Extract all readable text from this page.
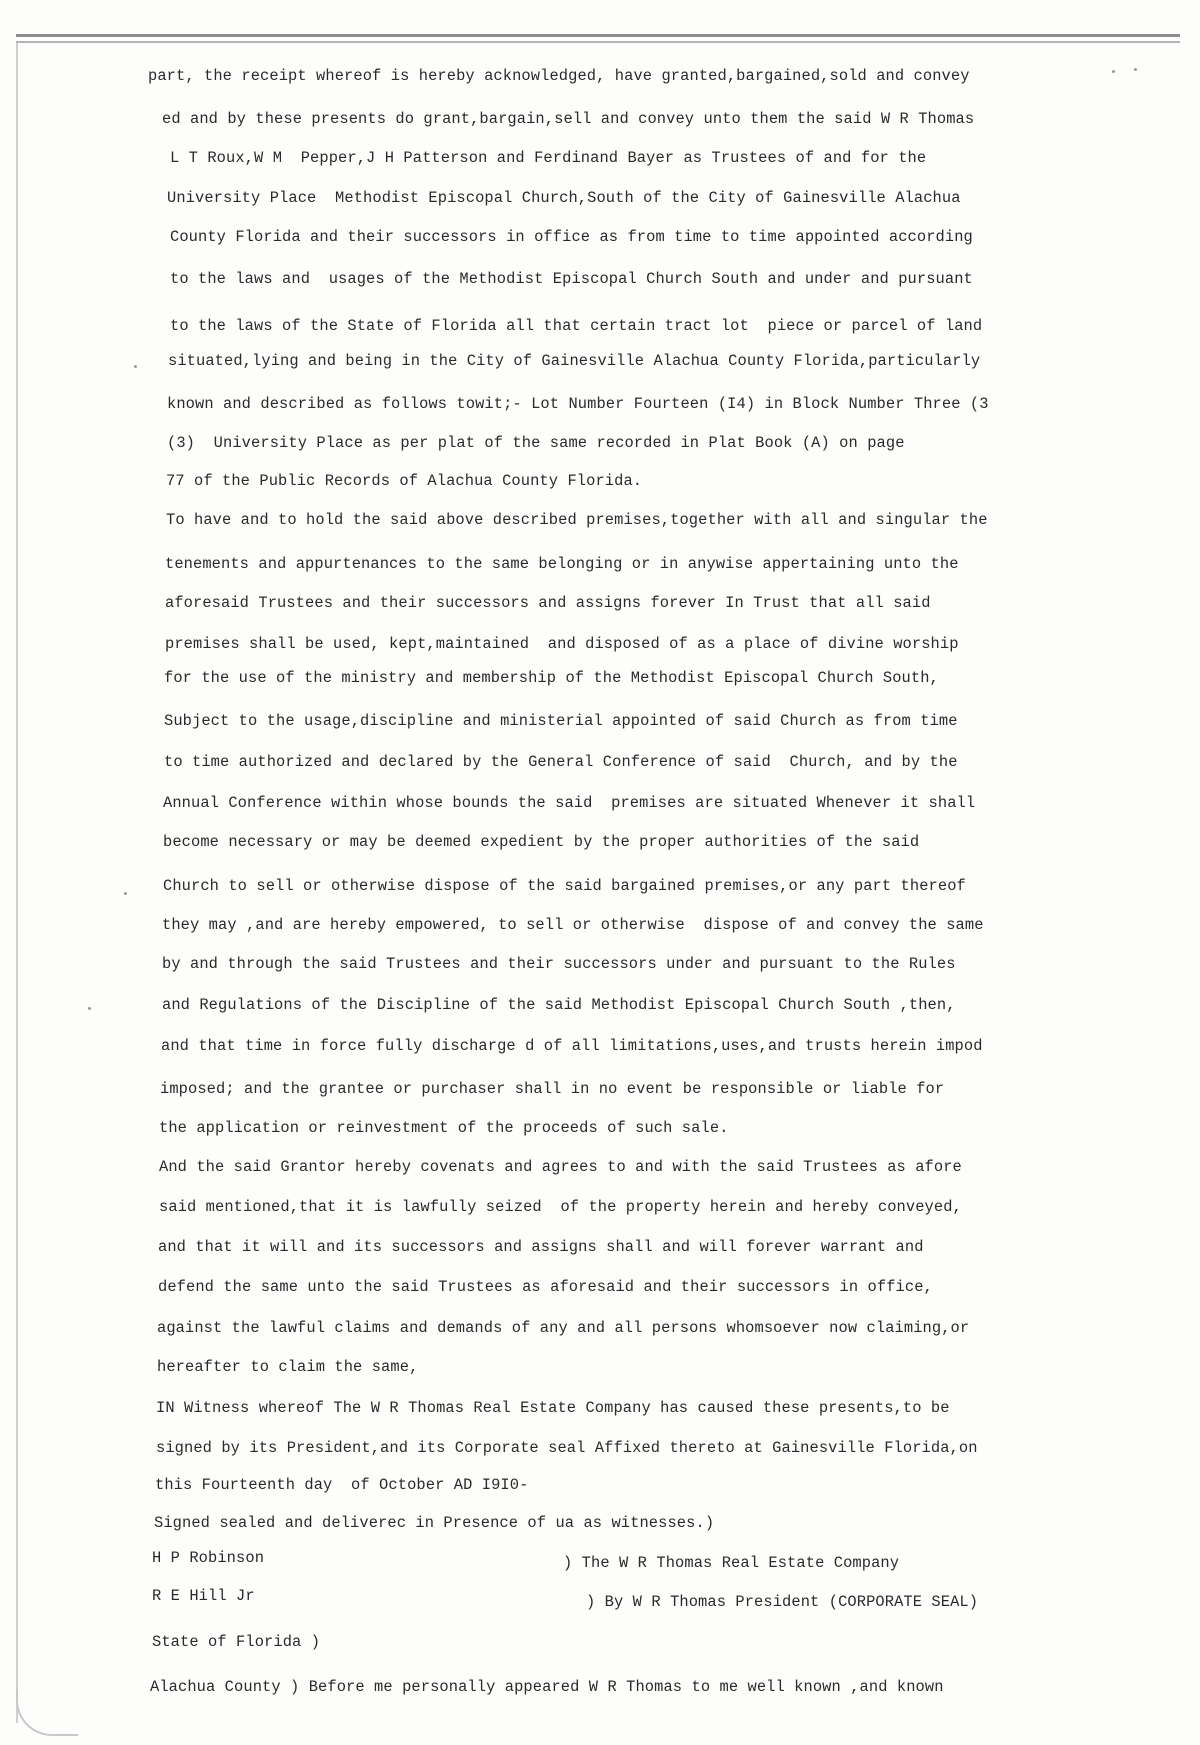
part, the receipt whereof is hereby acknowledged, have granted,bargained,sold and convey

ed and by these presents do grant,bargain,sell and convey unto them the said W R Thomas

L T Roux,W M  Pepper,J H Patterson and Ferdinand Bayer as Trustees of and for the

University Place  Methodist Episcopal Church,South of the City of Gainesville Alachua

County Florida and their successors in office as from time to time appointed according

to the laws and  usages of the Methodist Episcopal Church South and under and pursuant

to the laws of the State of Florida all that certain tract lot  piece or parcel of land

situated,lying and being in the City of Gainesville Alachua County Florida,particularly

known and described as follows towit;- Lot Number Fourteen (I4) in Block Number Three (3

(3)  University Place as per plat of the same recorded in Plat Book (A) on page

77 of the Public Records of Alachua County Florida.

To have and to hold the said above described premises,together with all and singular the

tenements and appurtenances to the same belonging or in anywise appertaining unto the

aforesaid Trustees and their successors and assigns forever In Trust that all said

premises shall be used, kept,maintained  and disposed of as a place of divine worship

for the use of the ministry and membership of the Methodist Episcopal Church South,

Subject to the usage,discipline and ministerial appointed of said Church as from time

to time authorized and declared by the General Conference of said  Church, and by the

Annual Conference within whose bounds the said  premises are situated Whenever it shall

become necessary or may be deemed expedient by the proper authorities of the said

Church to sell or otherwise dispose of the said bargained premises,or any part thereof

they may ,and are hereby empowered, to sell or otherwise  dispose of and convey the same

by and through the said Trustees and their successors under and pursuant to the Rules

and Regulations of the Discipline of the said Methodist Episcopal Church South ,then,

and that time in force fully discharge d of all limitations,uses,and trusts herein impod

imposed; and the grantee or purchaser shall in no event be responsible or liable for

the application or reinvestment of the proceeds of such sale.

And the said Grantor hereby covenats and agrees to and with the said Trustees as afore

said mentioned,that it is lawfully seized  of the property herein and hereby conveyed,

and that it will and its successors and assigns shall and will forever warrant and

defend the same unto the said Trustees as aforesaid and their successors in office,

against the lawful claims and demands of any and all persons whomsoever now claiming,or

hereafter to claim the same,

IN Witness whereof The W R Thomas Real Estate Company has caused these presents,to be

signed by its President,and its Corporate seal Affixed thereto at Gainesville Florida,on

this Fourteenth day  of October AD I9I0-

Signed sealed and deliverec in Presence of ua as witnesses.)

H P Robinson	) The W R Thomas Real Estate Company

R E Hill Jr	) By W R Thomas President (CORPORATE SEAL)

State of Florida )

Alachua County ) Before me personally appeared W R Thomas to me well known ,and known
